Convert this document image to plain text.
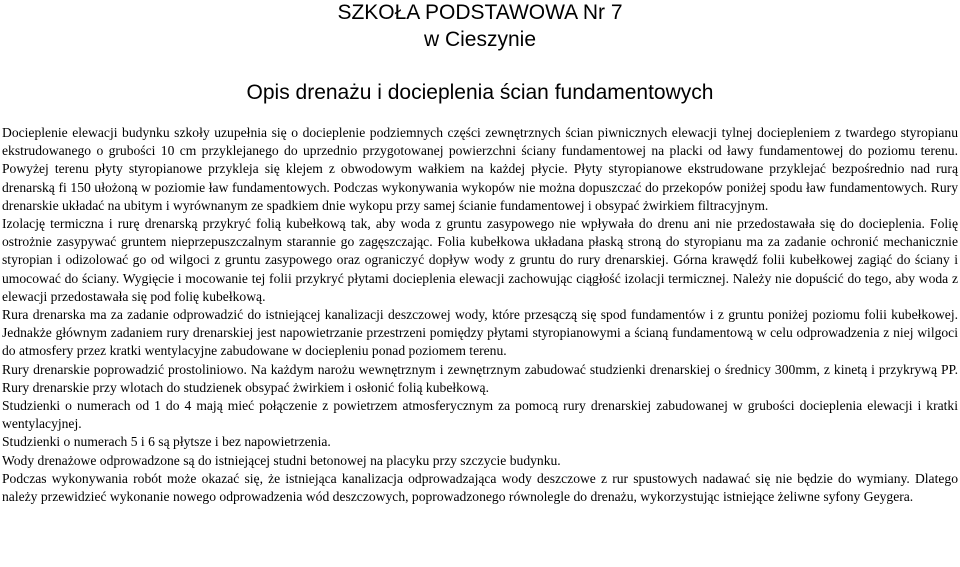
SZKOŁA PODSTAWOWA Nr 7
w Cieszynie
Opis drenażu i docieplenia ścian fundamentowych

Docieplenie elewacji budynku szkoły uzupełnia się o docieplenie podziemnych części zewnętrznych ścian piwnicznych elewacji tylnej dociepleniem z twardego styropianu ekstrudowanego o grubości 10 cm przyklejanego do uprzednio przygotowanej powierzchni ściany fundamentowej na placki od ławy fundamentowej do poziomu terenu. Powyżej terenu płyty styropianowe przykleja się klejem z obwodowym wałkiem na każdej płycie. Płyty styropianowe ekstrudowane przyklejać bezpośrednio nad rurą drenarską fi 150 ułożoną w poziomie ław fundamentowych. Podczas wykonywania wykopów nie można dopuszczać do przekopów poniżej spodu ław fundamentowych. Rury drenarskie układać na ubitym i wyrównanym ze spadkiem dnie wykopu przy samej ścianie fundamentowej i obsypać żwirkiem filtracyjnym.

Izolację termiczna i rurę drenarską przykryć folią kubełkową tak, aby woda z gruntu zasypowego nie wpływała do drenu ani nie przedostawała się do docieplenia. Folię ostrożnie zasypywać gruntem nieprzepuszczalnym starannie go zagęszczając. Folia kubełkowa układana płaską stroną do styropianu ma za zadanie ochronić mechanicznie styropian i odizolować go od wilgoci z gruntu zasypowego oraz ograniczyć dopływ wody z gruntu do rury drenarskiej. Górna krawędź folii kubełkowej zagiąć do ściany i umocować do ściany. Wygięcie i mocowanie tej folii przykryć płytami docieplenia elewacji zachowując ciągłość izolacji termicznej. Należy nie dopuścić do tego, aby woda z elewacji przedostawała się pod folię kubełkową.

Rura drenarska ma za zadanie odprowadzić do istniejącej kanalizacji deszczowej wody, które przesączą się spod fundamentów i z gruntu poniżej poziomu folii kubełkowej. Jednakże głównym zadaniem rury drenarskiej jest napowietrzanie przestrzeni pomiędzy płytami styropianowymi a ścianą fundamentową w celu odprowadzenia z niej wilgoci do atmosfery przez kratki wentylacyjne zabudowane w dociepleniu ponad poziomem terenu.

Rury drenarskie poprowadzić prostoliniowo. Na każdym narożu wewnętrznym i zewnętrznym zabudować studzienki drenarskiej o średnicy 300mm, z kinetą i przykrywą PP. Rury drenarskie przy wlotach do studzienek obsypać żwirkiem i osłonić folią kubełkową.

Studzienki o numerach od 1 do 4 mają mieć połączenie z powietrzem atmosferycznym za pomocą rury drenarskiej zabudowanej w grubości docieplenia elewacji i kratki wentylacyjnej.

Studzienki o numerach 5 i 6 są płytsze i bez napowietrzenia.

Wody drenażowe odprowadzone są do istniejącej studni betonowej na placyku przy szczycie budynku.

Podczas wykonywania robót może okazać się, że istniejąca kanalizacja odprowadzająca wody deszczowe z rur spustowych nadawać się nie będzie do wymiany. Dlatego należy przewidzieć wykonanie nowego odprowadzenia wód deszczowych, poprowadzonego równolegle do drenażu, wykorzystując istniejące żeliwne syfony Geygera.
